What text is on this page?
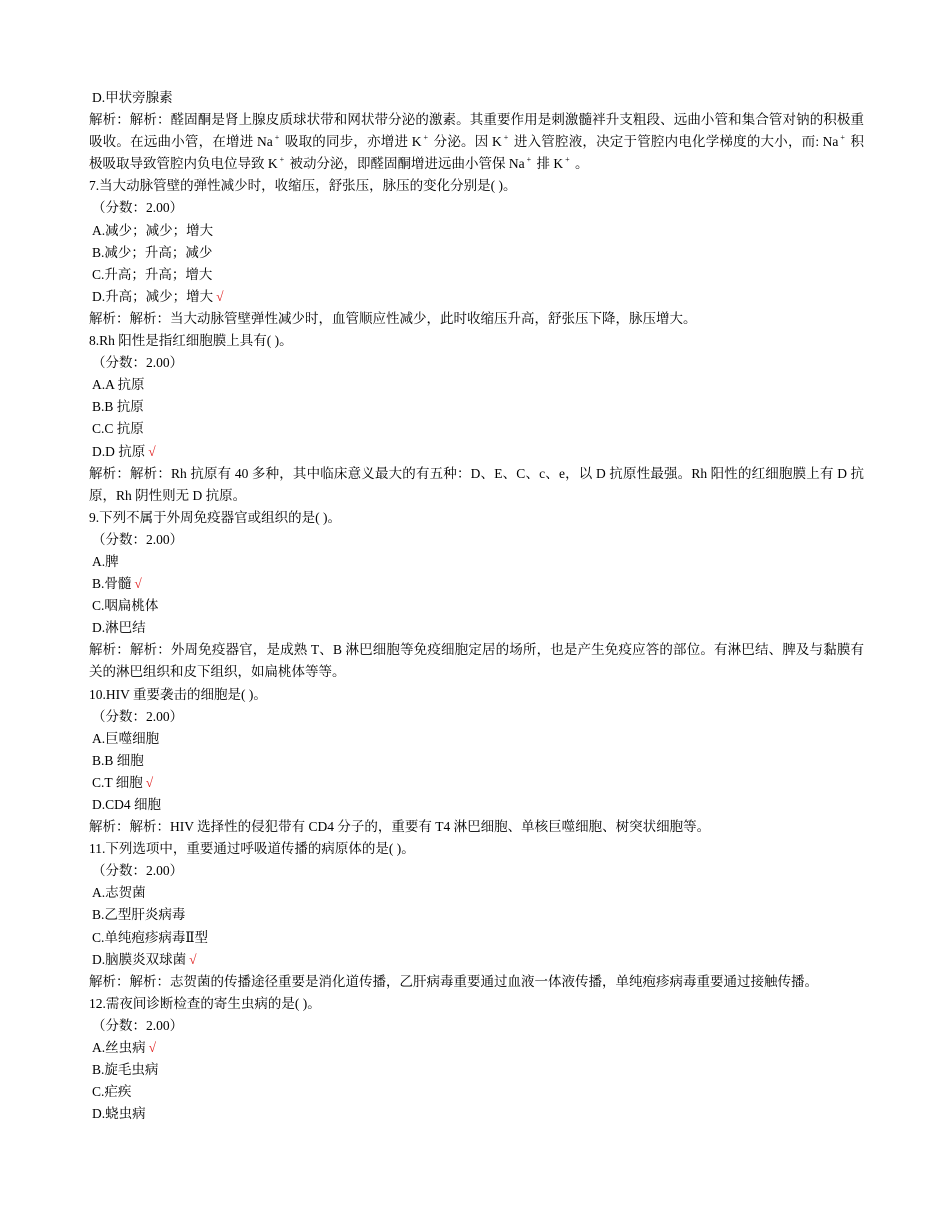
D.甲状旁腺素
解析：解析：醛固酮是肾上腺皮质球状带和网状带分泌的激素。其重要作用是刺激髓袢升支粗段、远曲小管和集合管对钠的积极重吸收。在远曲小管，在增进 Na + 吸取的同步，亦增进 K + 分泌。因 K + 进入管腔液，决定于管腔内电化学梯度的大小，而: Na + 积极吸取导致管腔内负电位导致 K + 被动分泌，即醛固酮增进远曲小管保 Na + 排 K + 。
7.当大动脉管壁的弹性减少时，收缩压，舒张压，脉压的变化分别是( )。
（分数：2.00）
A.减少；减少；增大
B.减少；升高；减少
C.升高；升高；增大
D.升高；减少；增大 √
解析：解析：当大动脉管壁弹性减少时，血管顺应性减少，此时收缩压升高，舒张压下降，脉压增大。
8.Rh 阳性是指红细胞膜上具有( )。
（分数：2.00）
A.A 抗原
B.B 抗原
C.C 抗原
D.D 抗原 √
解析：解析：Rh 抗原有 40 多种，其中临床意义最大的有五种：D、E、C、c、e，以 D 抗原性最强。Rh 阳性的红细胞膜上有 D 抗原，Rh 阴性则无 D 抗原。
9.下列不属于外周免疫器官或组织的是( )。
（分数：2.00）
A.脾
B.骨髓 √
C.咽扁桃体
D.淋巴结
解析：解析：外周免疫器官，是成熟 T、B 淋巴细胞等免疫细胞定居的场所，也是产生免疫应答的部位。有淋巴结、脾及与黏膜有关的淋巴组织和皮下组织，如扁桃体等等。
10.HIV 重要袭击的细胞是( )。
（分数：2.00）
A.巨噬细胞
B.B 细胞
C.T 细胞 √
D.CD4 细胞
解析：解析：HIV 选择性的侵犯带有 CD4 分子的，重要有 T4 淋巴细胞、单核巨噬细胞、树突状细胞等。
11.下列选项中，重要通过呼吸道传播的病原体的是( )。
（分数：2.00）
A.志贺菌
B.乙型肝炎病毒
C.单纯疱疹病毒Ⅱ型
D.脑膜炎双球菌 √
解析：解析：志贺菌的传播途径重要是消化道传播，乙肝病毒重要通过血液一体液传播，单纯疱疹病毒重要通过接触传播。
12.需夜间诊断检查的寄生虫病的是( )。
（分数：2.00）
A.丝虫病 √
B.旋毛虫病
C.疟疾
D.蛲虫病
